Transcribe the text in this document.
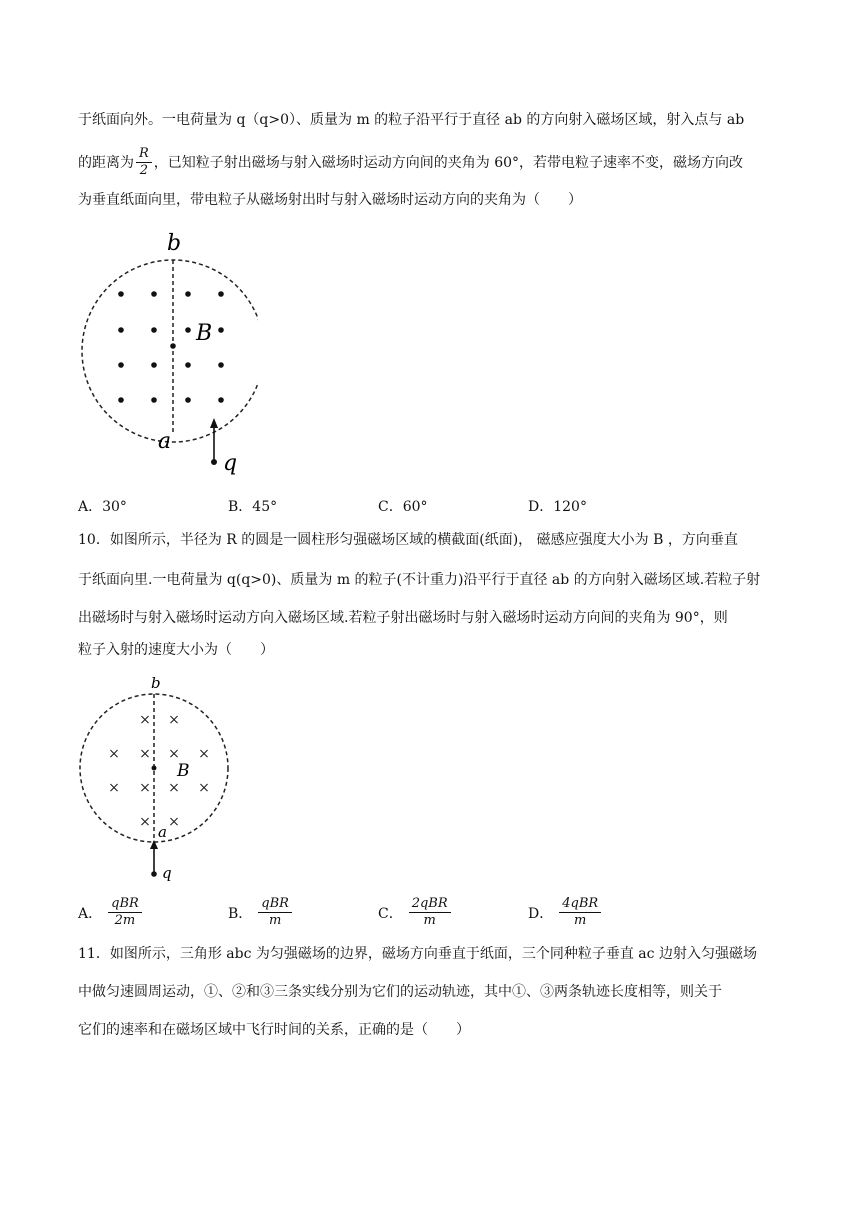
于纸面向外。一电荷量为 q（q>0）、质量为 m 的粒子沿平行于直径 ab 的方向射入磁场区域，射入点与 ab
的距离为 $\frac{R}{2}$ ，已知粒子射出磁场与射入磁场时运动方向间的夹角为 60°，若带电粒子速率不变，磁场方向改
为垂直纸面向里，带电粒子从磁场射出时与射入磁场时运动方向的夹角为（　　）
b
a
B
q
A．30°	B．45°	C．60°	D．120°
10．如图所示，半径为 R 的圆是一圆柱形匀强磁场区域的横截面(纸面)， 磁感应强度大小为 B ，方向垂直
于纸面向里.一电荷量为 q(q>0)、质量为 m 的粒子(不计重力)沿平行于直径 ab 的方向射入磁场区域.若粒子射
出磁场时与射入磁场时运动方向入磁场区域.若粒子射出磁场时与射入磁场时运动方向间的夹角为 90°，则
粒子入射的速度大小为（　　）
× ×
× × × ×
× × × ×
× ×
b
B
a
q
A． $\frac{\text{qBR}}{2m}$	B． $\frac{\text{qBR}}{m}$	C． $\frac{\text{2qBR}}{m}$	D． $\frac{\text{4qBR}}{m}$
11．如图所示，三角形 abc 为匀强磁场的边界，磁场方向垂直于纸面，三个同种粒子垂直 ac 边射入匀强磁场
中做匀速圆周运动，①、②和③三条实线分别为它们的运动轨迹，其中①、③两条轨迹长度相等，则关于
它们的速率和在磁场区域中飞行时间的关系，正确的是（　　）
